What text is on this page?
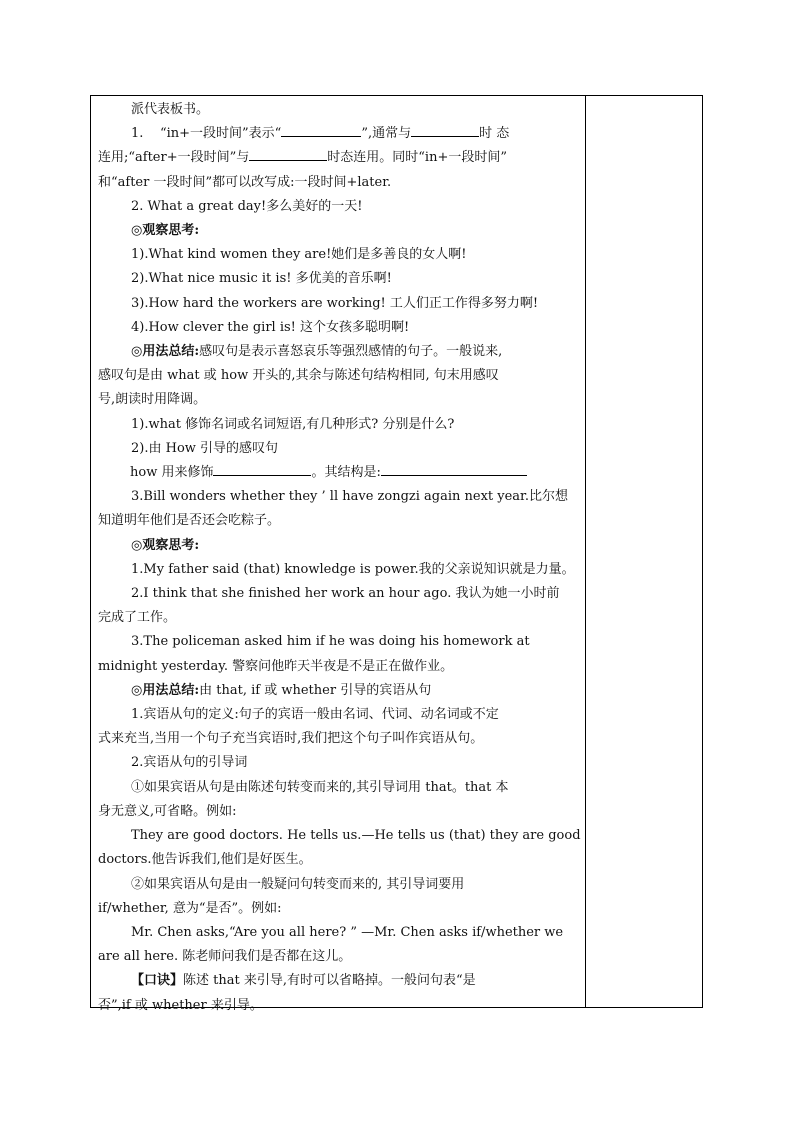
派代表板书。
1. “in+一段时间”表示“	”,通常与	时 态
连用;“after+一段时间”与	时态连用。同时“in+一段时间”
和“after 一段时间”都可以改写成:一段时间+later.
2. What a great day!多么美好的一天!
◎观察思考:
1).What kind women they are!她们是多善良的女人啊!
2).What nice music it is! 多优美的音乐啊!
3).How hard the workers are working! 工人们正工作得多努力啊!
4).How clever the girl is! 这个女孩多聪明啊!
◎用法总结:感叹句是表示喜怒哀乐等强烈感情的句子。一般说来,
感叹句是由 what 或 how 开头的,其余与陈述句结构相同, 句末用感叹
号,朗读时用降调。
1).what 修饰名词或名词短语,有几种形式? 分别是什么?
2).由 How 引导的感叹句
how 用来修饰	。其结构是:
3.Bill wonders whether they ’ ll have zongzi again next year.比尔想
知道明年他们是否还会吃粽子。
◎观察思考:
1.My father said (that) knowledge is power.我的父亲说知识就是力量。
2.I think that she finished her work an hour ago. 我认为她一小时前
完成了工作。
3.The policeman asked him if he was doing his homework at
midnight yesterday. 警察问他昨天半夜是不是正在做作业。
◎用法总结:由 that, if 或 whether 引导的宾语从句
1.宾语从句的定义:句子的宾语一般由名词、代词、动名词或不定
式来充当,当用一个句子充当宾语时,我们把这个句子叫作宾语从句。
2.宾语从句的引导词
①如果宾语从句是由陈述句转变而来的,其引导词用 that。that 本
身无意义,可省略。例如:
They are good doctors. He tells us.—He tells us (that) they are good
doctors.他告诉我们,他们是好医生。
②如果宾语从句是由一般疑问句转变而来的, 其引导词要用
if/whether, 意为“是否”。例如:
Mr. Chen asks,“Are you all here? ” —Mr. Chen asks if/whether we
are all here. 陈老师问我们是否都在这儿。
【口诀】陈述 that 来引导,有时可以省略掉。一般问句表“是
否”,if 或 whether 来引导。
